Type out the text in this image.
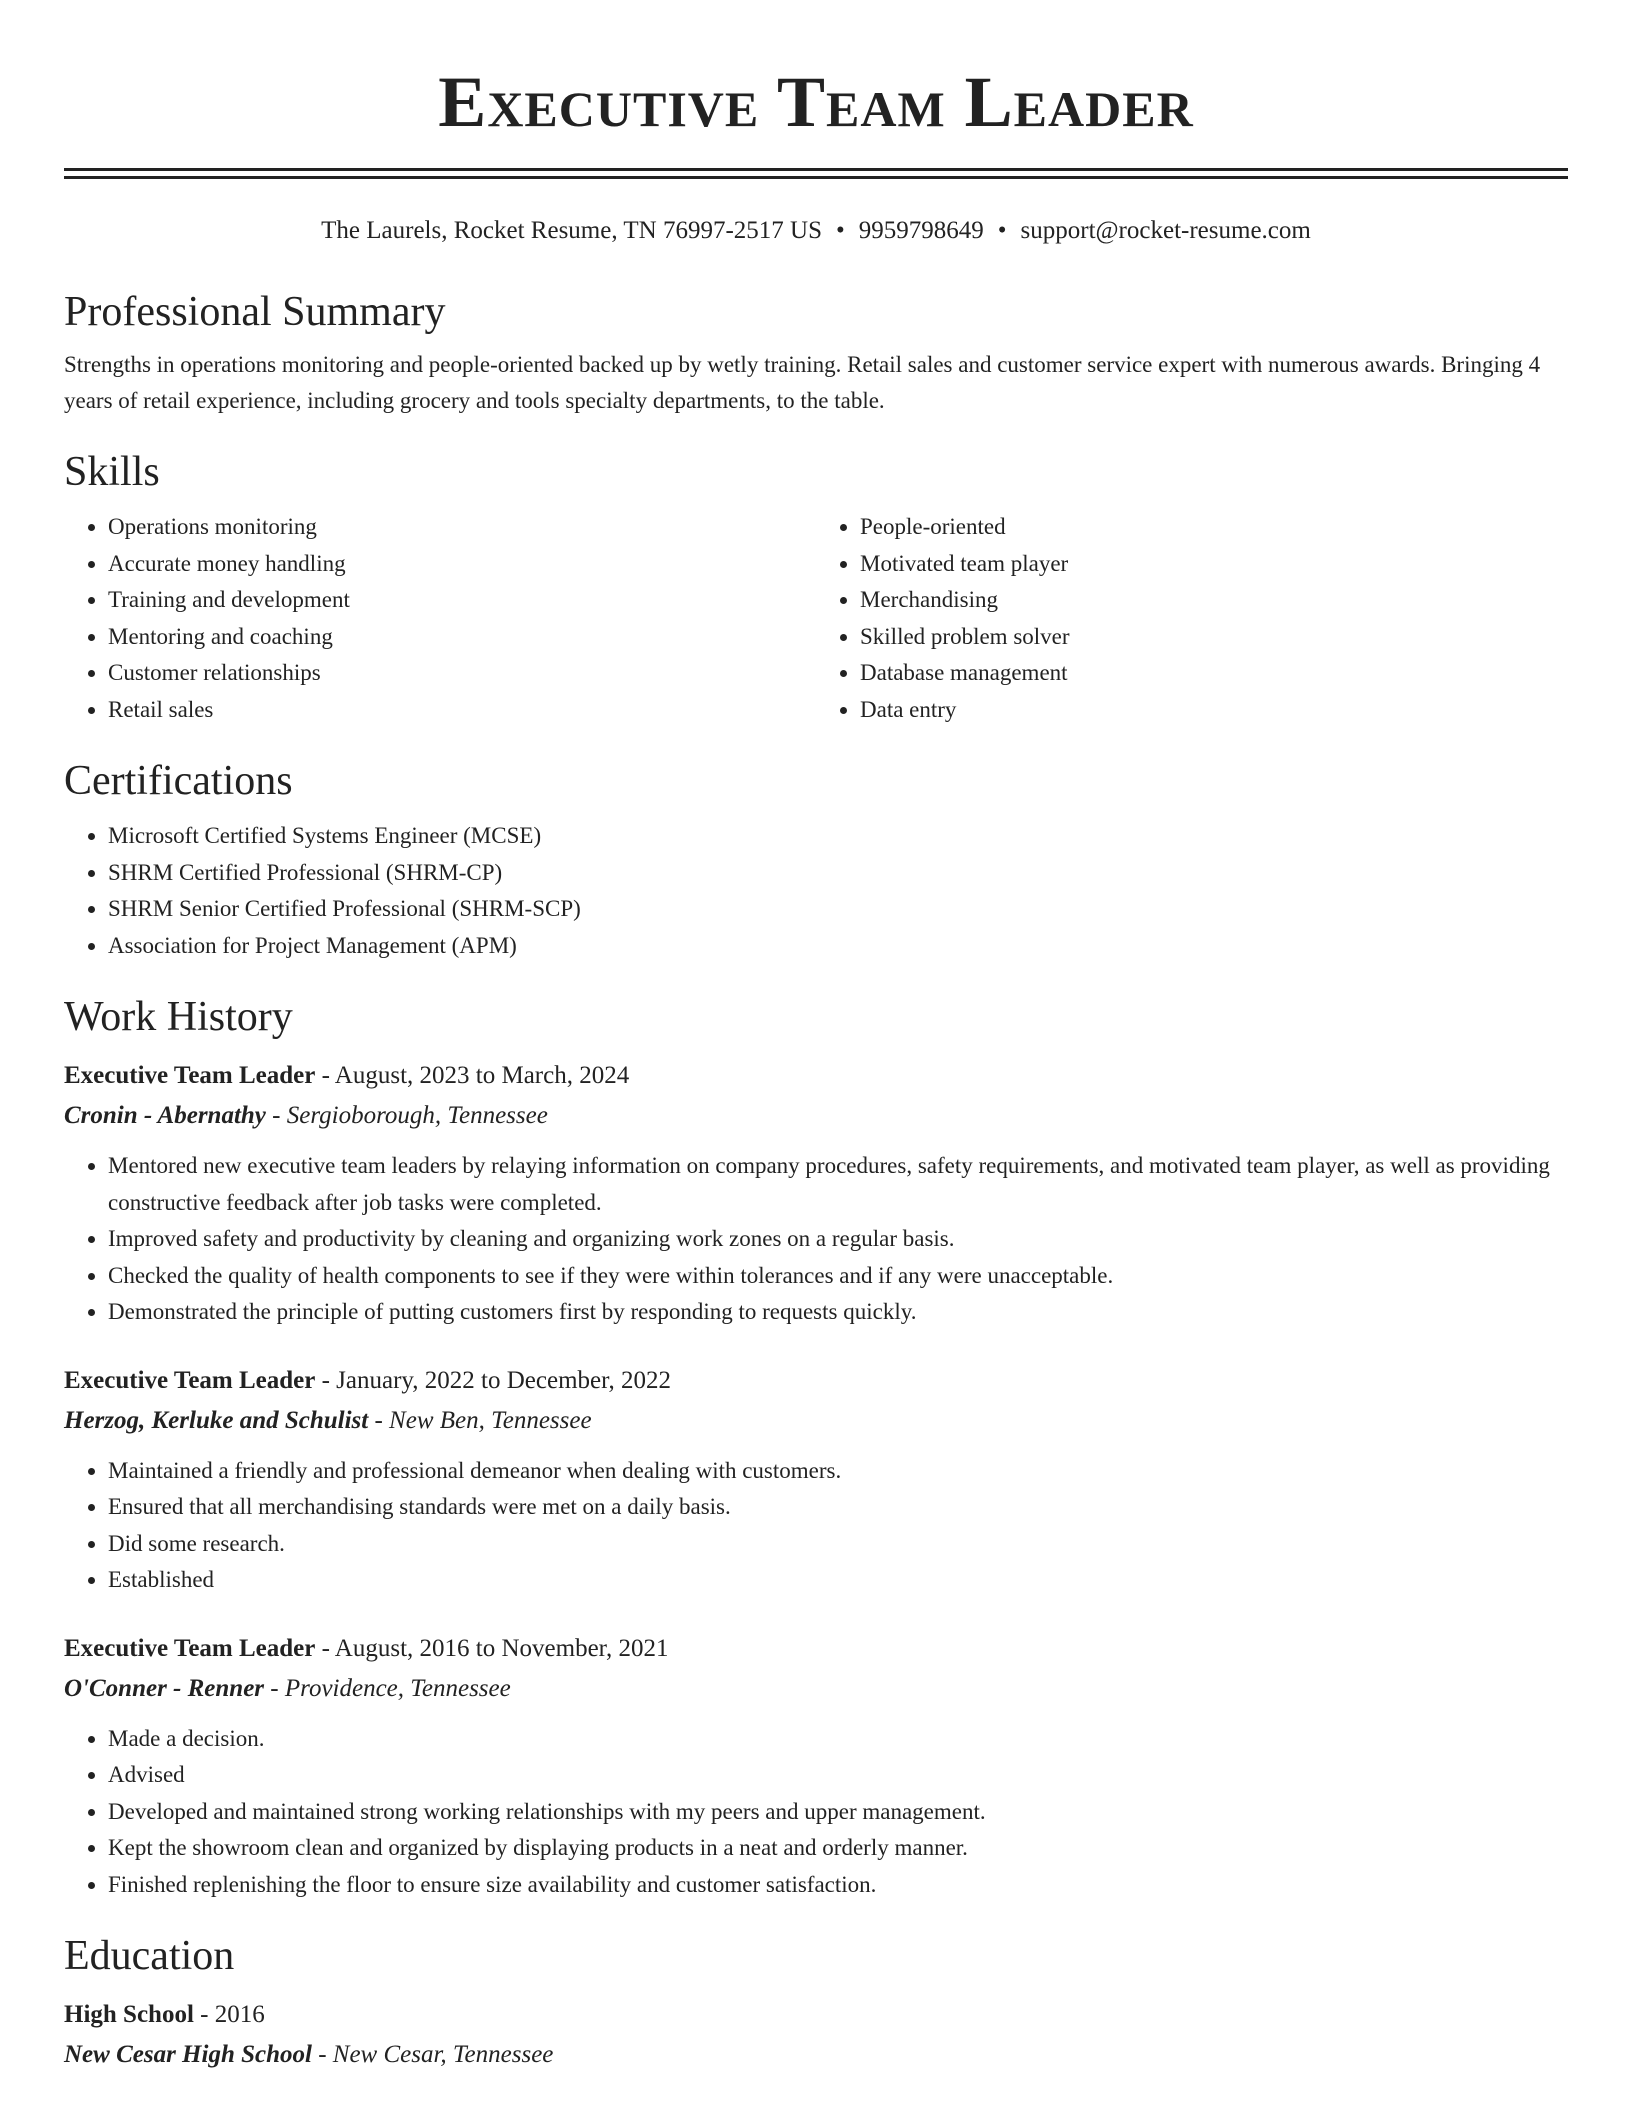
Executive Team Leader
The Laurels, Rocket Resume, TN 76997-2517 US • 9959798649 • support@rocket-resume.com
Professional Summary

Strengths in operations monitoring and people-oriented backed up by wetly training. Retail sales and customer service expert with numerous awards. Bringing 4 years of retail experience, including grocery and tools specialty departments, to the table.

Skills
• Operations monitoring
• Accurate money handling
• Training and development
• Mentoring and coaching
• Customer relationships
• Retail sales
• People-oriented
• Motivated team player
• Merchandising
• Skilled problem solver
• Database management
• Data entry
Certifications
• Microsoft Certified Systems Engineer (MCSE)
• SHRM Certified Professional (SHRM-CP)
• SHRM Senior Certified Professional (SHRM-SCP)
• Association for Project Management (APM)
Work History
Executive Team Leader - August, 2023 to March, 2024
Cronin - Abernathy - Sergioborough, Tennessee
• Mentored new executive team leaders by relaying information on company procedures, safety requirements, and motivated team player, as well as providing constructive feedback after job tasks were completed.
• Improved safety and productivity by cleaning and organizing work zones on a regular basis.
• Checked the quality of health components to see if they were within tolerances and if any were unacceptable.
• Demonstrated the principle of putting customers first by responding to requests quickly.
Executive Team Leader - January, 2022 to December, 2022
Herzog, Kerluke and Schulist - New Ben, Tennessee
• Maintained a friendly and professional demeanor when dealing with customers.
• Ensured that all merchandising standards were met on a daily basis.
• Did some research.
• Established
Executive Team Leader - August, 2016 to November, 2021
O'Conner - Renner - Providence, Tennessee
• Made a decision.
• Advised
• Developed and maintained strong working relationships with my peers and upper management.
• Kept the showroom clean and organized by displaying products in a neat and orderly manner.
• Finished replenishing the floor to ensure size availability and customer satisfaction.
Education
High School - 2016
New Cesar High School - New Cesar, Tennessee
